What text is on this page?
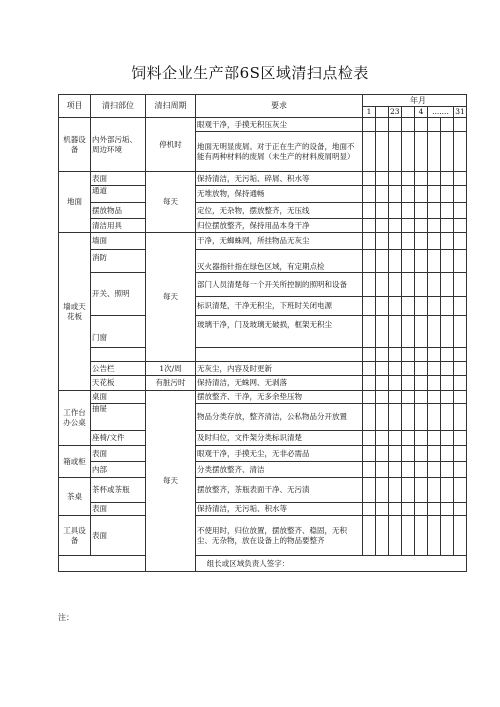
饲料企业生产部6S区域清扫点检表
项目	清扫部位	清扫周期	要求	年月							
				1		23		4	.......		31
机器设备	内外部污垢、周边环境	停机时	眼观干净，手摸无积压灰尘								
			地面无明显废屑。对于正在生产的设备，地面不能有两种材料的废屑（未生产的材料废屑明显）								
地面	表面	每天	保持清洁，无污垢、碎屑、积水等								
	通道		无堆放物，保持通畅								
	摆放物品		定位，无杂物，摆放整齐，无压线								
	清洁用具		归位摆放整齐，保持用品本身干净								
墙或天花板	墙面	每天	干净，无蜘蛛网，所挂物品无灰尘								
	消防		灭火器指针指在绿色区域，有定期点检								
	开关、照明		部门人员清楚每一个开关所控制的照明和设备								
			标识清楚，干净无积尘，下班时关闭电源								
	门窗		玻璃干净，门及玻璃无破损，框架无积尘								

	公告栏	1次/周	无灰尘，内容及时更新								
	天花板	有脏污时	保持清洁，无蛛网、无剥落								
工作台办公桌	桌面	每天	摆放整齐、干净，无多余垫压物								
	抽屉		物品分类存放，整齐清洁，公私物品分开放置								
	座椅/文件		及时归位，文件架分类标识清楚								
箱或柜	表面		眼观干净，手摸无尘，无非必需品								
	内部		分类摆放整齐、清洁								
茶桌	茶杯或茶瓶		摆放整齐，茶瓶表面干净、无污渍								
	表面		保持清洁，无污垢、积水等								
工具设备	表面		不使用时，归位放置，摆放整齐、稳固，无积尘、无杂物，放在设备上的物品要整齐								
组长或区域负责人签字：											
注：
